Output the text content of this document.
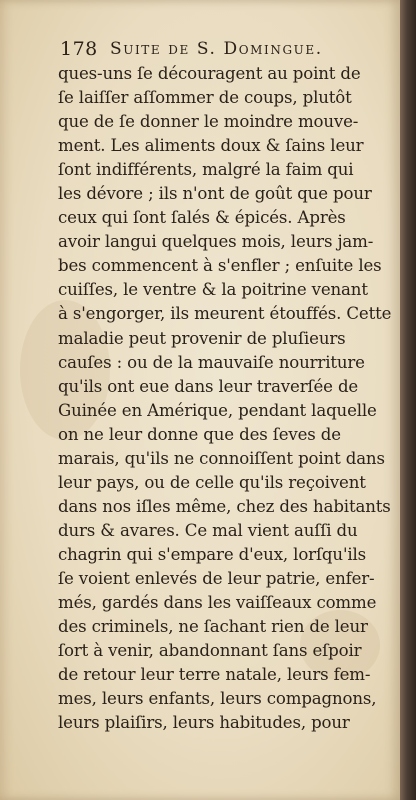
178 Suite de S. Domingue.
ques-uns ſe découragent au point de
ſe laiſſer aſſommer de coups, plutôt
que de ſe donner le moindre mouve-
ment. Les aliments doux & ſains leur
ſont indifférents, malgré la faim qui
les dévore ; ils n'ont de goût que pour
ceux qui ſont ſalés & épicés. Après
avoir langui quelques mois, leurs jam-
bes commencent à s'enfler ; enſuite les
cuiſſes, le ventre & la poitrine venant
à s'engorger, ils meurent étouffés. Cette
maladie peut provenir de pluſieurs
cauſes : ou de la mauvaiſe nourriture
qu'ils ont eue dans leur traverſée de
Guinée en Amérique, pendant laquelle
on ne leur donne que des ſeves de
marais, qu'ils ne connoiſſent point dans
leur pays, ou de celle qu'ils reçoivent
dans nos iſles même, chez des habitants
durs & avares. Ce mal vient auſſi du
chagrin qui s'empare d'eux, lorſqu'ils
ſe voient enlevés de leur patrie, enfer-
més, gardés dans les vaiſſeaux comme
des criminels, ne ſachant rien de leur
ſort à venir, abandonnant ſans eſpoir
de retour leur terre natale, leurs fem-
mes, leurs enfants, leurs compagnons,
leurs plaiſirs, leurs habitudes, pour
